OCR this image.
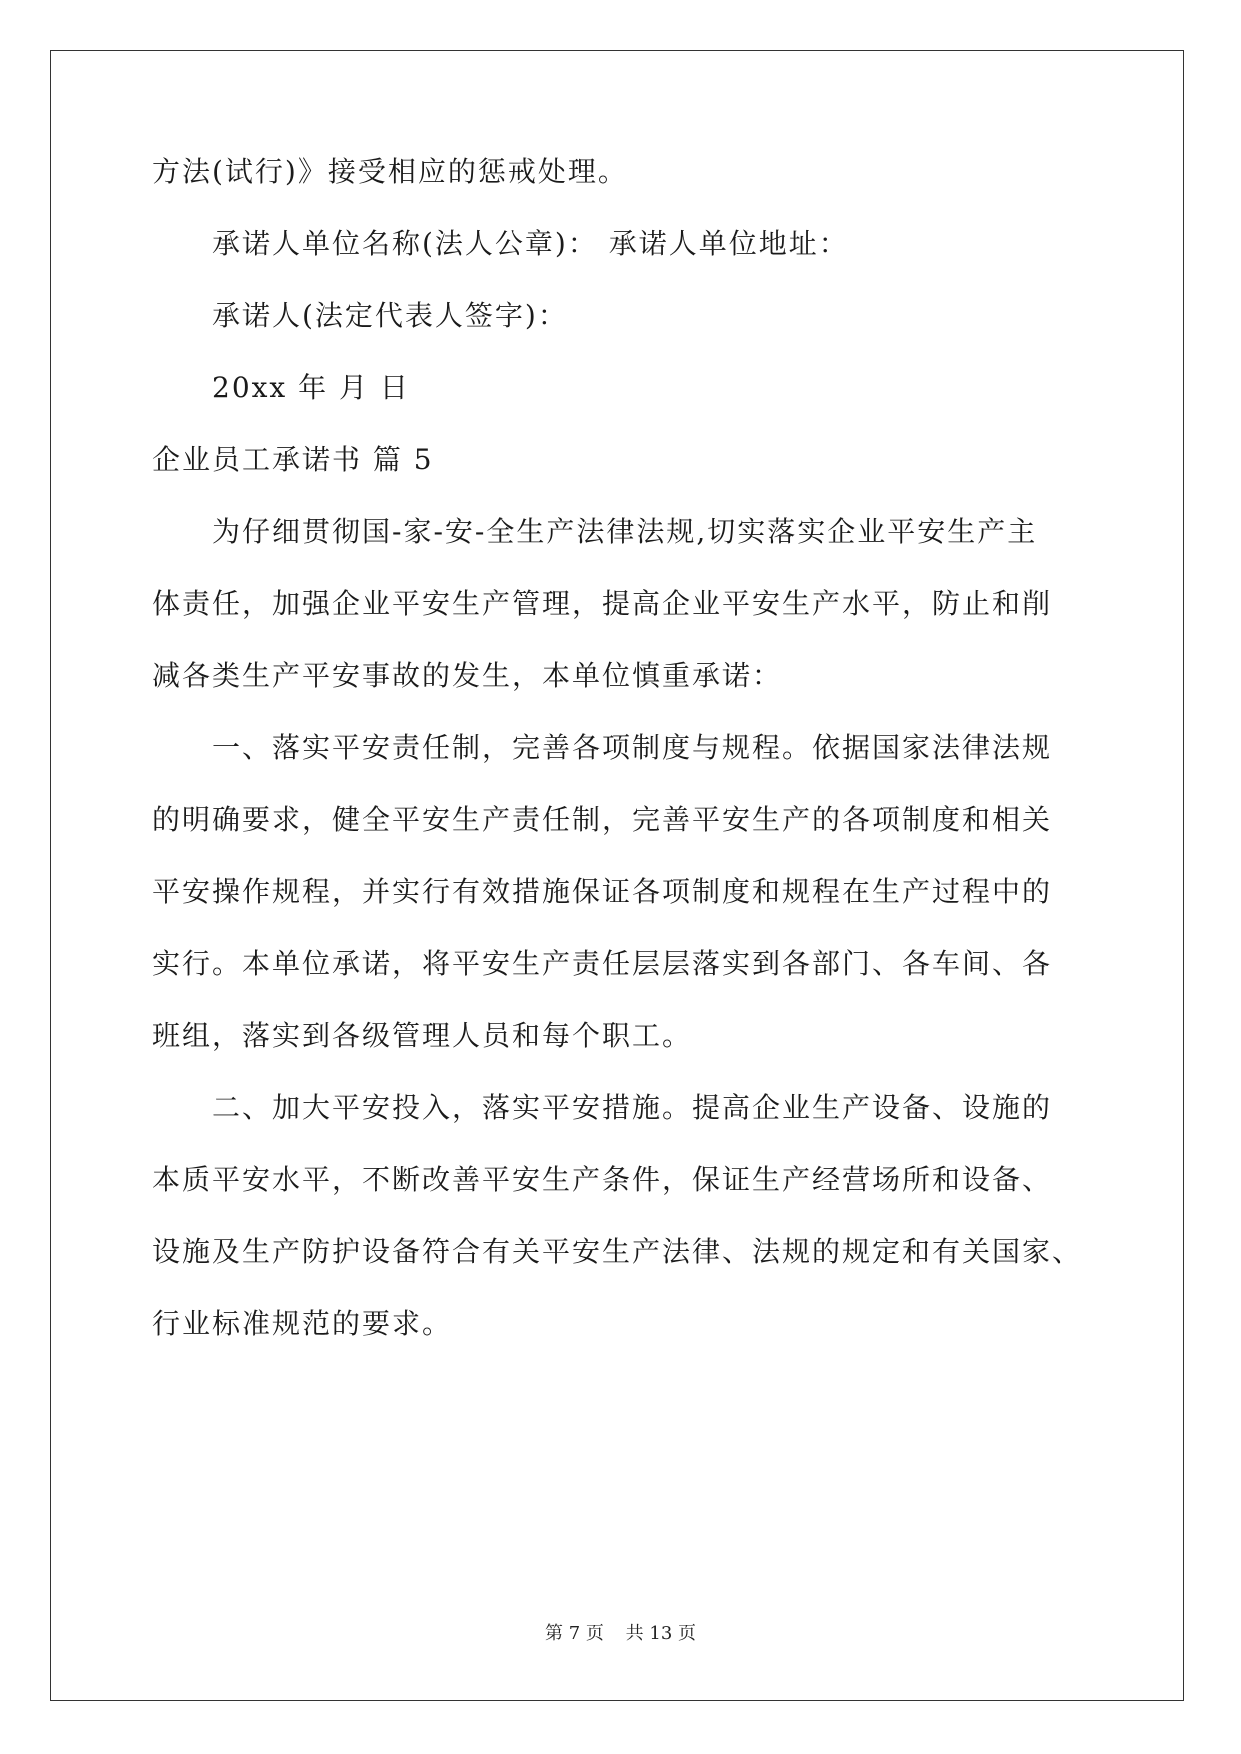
方法(试行)》接受相应的惩戒处理。
承诺人单位名称(法人公章)： 承诺人单位地址：
承诺人(法定代表人签字)：
20xx 年 月 日
企业员工承诺书 篇 5
为仔细贯彻国-家-安-全生产法律法规,切实落实企业平安生产主
体责任，加强企业平安生产管理，提高企业平安生产水平，防止和削
减各类生产平安事故的发生，本单位慎重承诺：
一、落实平安责任制，完善各项制度与规程。依据国家法律法规
的明确要求，健全平安生产责任制，完善平安生产的各项制度和相关
平安操作规程，并实行有效措施保证各项制度和规程在生产过程中的
实行。本单位承诺，将平安生产责任层层落实到各部门、各车间、各
班组，落实到各级管理人员和每个职工。
二、加大平安投入，落实平安措施。提高企业生产设备、设施的
本质平安水平，不断改善平安生产条件，保证生产经营场所和设备、
设施及生产防护设备符合有关平安生产法律、法规的规定和有关国家、
行业标准规范的要求。
第 7 页 共 13 页
